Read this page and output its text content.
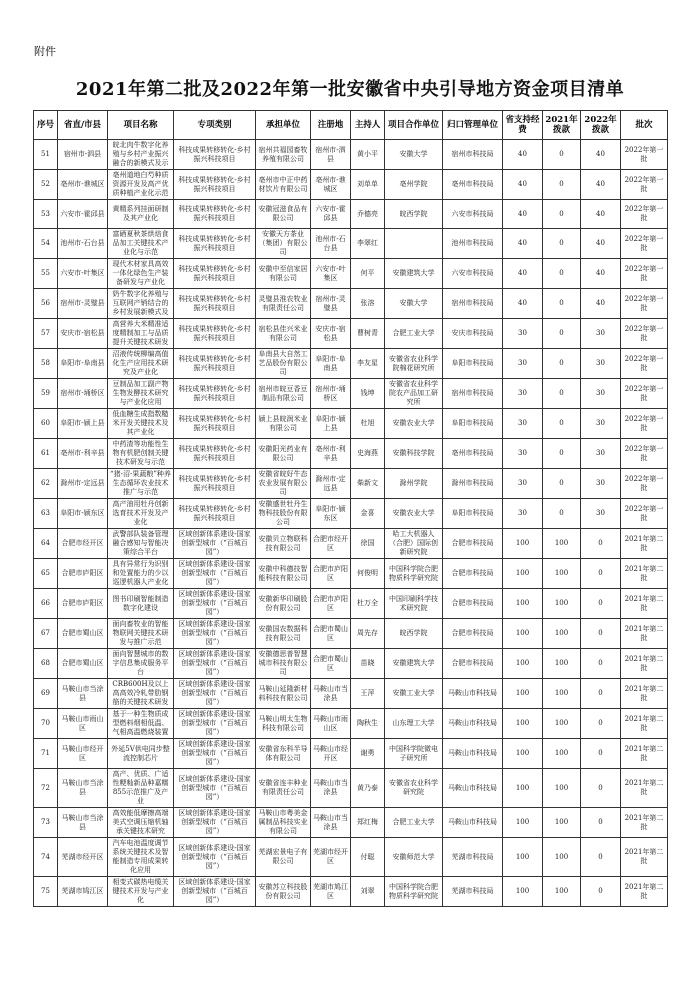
附件
2021年第二批及2022年第一批安徽省中央引导地方资金项目清单
序号	省直/市县	项目名称	专项类别	承担单位	注册地	主持人	项目合作单位	归口管理单位	省支持经费	2021年拨款	2022年拨款	批次
51	宿州市-泗县	皖北肉牛数字化养殖与乡村产业振兴融合的新模式及示	科技成果转移转化-乡村振兴科技项目	宿州共福园畜牧养殖有限公司	宿州市-泗县	黄小平	安徽大学	宿州市科技局	40	0	40	2022年第一批
52	亳州市-谯城区	亳州道地白芍种质资源开发及高产优质种植产业化示范	科技成果转移转化-乡村振兴科技项目	亳州市中正中药材饮片有限公司	亳州市-谯城区	刘单单	亳州学院	亳州市科技局	40	0	40	2022年第一批
53	六安市-霍邱县	黄精系列挂面研制及其产业化	科技成果转移转化-乡村振兴科技项目	安徽冠滋食品有限公司	六安市-霍邱县	乔德亮	皖西学院	六安市科技局	40	0	40	2022年第一批
54	池州市-石台县	富硒夏秋茶烘焙食品加工关键技术产业化与示范	科技成果转移转化-乡村振兴科技项目	安徽天方茶业（集团）有限公司	池州市-石台县	李翠红		池州市科技局	40	0	40	2022年第一批
55	六安市-叶集区	现代木材家具高效一体化绿色生产装备研发与产业化	科技成果转移转化-乡村振兴科技项目	安徽中至信家居有限公司	六安市-叶集区	何平	安徽建筑大学	六安市科技局	40	0	40	2022年第一批
56	宿州市-灵璧县	奶牛数字化养殖与互联网产销结合的乡村发展新模式及	科技成果转移转化-乡村振兴科技项目	灵璧县淮农牧业有限责任公司	宿州市-灵璧县	张溶	安徽大学	宿州市科技局	40	0	40	2022年第一批
57	安庆市-宿松县	高营养大米精准适度精制加工与品质提升关键技术研发	科技成果转移转化-乡村振兴科技项目	宿松县佳兴米业有限公司	安庆市-宿松县	曹树青	合肥工业大学	安庆市科技局	30	0	30	2022年第一批
58	阜阳市-阜南县	沼液传统柳编高值化生产应用技术研究及产业化	科技成果转移转化-乡村振兴科技项目	阜南县大自然工艺品股份有限公司	阜阳市-阜南县	李友星	安徽省农业科学院棉花研究所	阜阳市科技局	30	0	30	2022年第一批
59	宿州市-埇桥区	豆制品加工副产物生物发酵技术研究与产业化应用	科技成果转移转化-乡村振兴科技项目	宿州市皖豆香豆制品有限公司	宿州市-埇桥区	钱坤	安徽省农业科学院农产品加工研究所	宿州市科技局	30	0	30	2022年第一批
60	阜阳市-颍上县	低血糖生成指数糙米开发关键技术及其产业化	科技成果转移转化-乡村振兴科技项目	颍上县皖润米业有限公司	阜阳市-颍上县	杜旭	安徽农业大学	阜阳市科技局	30	0	30	2022年第一批
61	亳州市-利辛县	中药渣等功能性生物有机肥创制关键技术研发与示范	科技成果转移转化-乡村振兴科技项目	安徽阳光药业有限公司	亳州市-利辛县	史海燕	安徽科技学院	亳州市科技局	30	0	30	2022年第一批
62	滁州市-定远县	“猪-沼-果蔬粮”种养生态循环农业技术推广与示范	科技成果转移转化-乡村振兴科技项目	安徽省皖好牛态农业发展有限公司	滁州市-定远县	柴新文	滁州学院	滁州市科技局	30	0	30	2022年第一批
63	阜阳市-颍东区	高产油用牡丹创新选育技术开发及产业化	科技成果转移转化-乡村振兴科技项目	安徽盛世牡丹生物科技股份有限公司	阜阳市-颍东区	金喜	安徽农业大学	阜阳市科技局	30	0	30	2022年第一批
64	合肥市经开区	武警部队装备管理融合感知与智能决策综合平台	区域创新体系建设-国家创新型城市（“百城百园”）	安徽贝立物联科技有限公司	合肥市经开区	徐国	哈工大机器人（合肥）国际创新研究院	合肥市科技局	100	100	0	2021年第二批
65	合肥市庐阳区	具有异常行为识别和处置能力的少以巡逻机器人产业化	区域创新体系建设-国家创新型城市（“百城百园”）	安徽中科德技智能科技有限公司	合肥市庐阳区	何俊明	中国科学院合肥物质科学研究院	合肥市科技局	100	100	0	2021年第二批
66	合肥市庐阳区	图书印刷智能制造数字化建设	区域创新体系建设-国家创新型城市（“百城百园”）	安徽新华印刷股份有限公司	合肥市庐阳区	杜万全	中国印刷科学技术研究院	合肥市科技局	100	100	0	2021年第二批
67	合肥市蜀山区	面向畜牧业的智能物联网关键技术研发与推广示范	区域创新体系建设-国家创新型城市（“百城百园”）	安徽国农数据科技有限公司	合肥市蜀山区	周先存	皖西学院	合肥市科技局	100	100	0	2021年第二批
68	合肥市蜀山区	面向智慧城市的数字信息集成服务平台	区域创新体系建设-国家创新型城市（“百城百园”）	安徽德思普智慧城市科技有限公司	合肥市蜀山区	苗晓	安徽建筑大学	合肥市科技局	100	100	0	2021年第二批
69	马鞍山市当涂县	CRB600H及以上高高效冷轧带肋钢筋的关键技术研发	区域创新体系建设-国家创新型城市（“百城百园”）	马鞍山延隆新材料科技有限公司	马鞍山市当涂县	王萍	安徽工业大学	马鞍山市科技局	100	100	0	2021年第二批
70	马鞍山市雨山区	基于一种生物质成型燃料烟相低温、气相高温燃烧装置	区域创新体系建设-国家创新型城市（“百城百园”）	马鞍山明太生物科技有限公司	马鞍山市雨山区	陶秋生	山东理工大学	马鞍山市科技局	100	100	0	2021年第二批
71	马鞍山市经开区	外延5V供电同步整流控制芯片	区域创新体系建设-国家创新型城市（“百城百园”）	安徽省东科半导体有限公司	马鞍山市经开区	谢勇	中国科学院微电子研究所	马鞍山市科技局	100	100	0	2021年第二批
72	马鞍山市当涂县	高产、优质、广适性粳籼新品种嘉糯855示范推广及产业	区域创新体系建设-国家创新型城市（“百城百园”）	安徽省连丰种业有限责任公司	马鞍山市当涂县	黄乃泰	安徽省农业科学研究院	马鞍山市科技局	100	100	0	2021年第二批
73	马鞍山市当涂县	高效能低摩擦高端美式空调压缩机轴承关键技术研究	区域创新体系建设-国家创新型城市（“百城百园”）	马鞍山市粤美金属制品科技实业有限公司	马鞍山市当涂县	郑红梅	合肥工业大学	马鞍山市科技局	100	100	0	2021年第二批
74	芜湖市经开区	汽车电池温度调节系统关键技术及智能制造专用成果转化应用	区域创新体系建设-国家创新型城市（“百城百园”）	芜湖宏景电子有限公司	芜湖市经开区	付聪	安徽师范大学	芜湖市科技局	100	100	0	2021年第二批
75	芜湖市鸠江区	相变式碳热电缆关键技术开发与产业化	区域创新体系建设-国家创新型城市（“百城百园”）	安徽苏立科技股份有限公司	芜湖市鸠江区	刘翠	中国科学院合肥物质科学研究院	芜湖市科技局	100	100	0	2021年第二批
